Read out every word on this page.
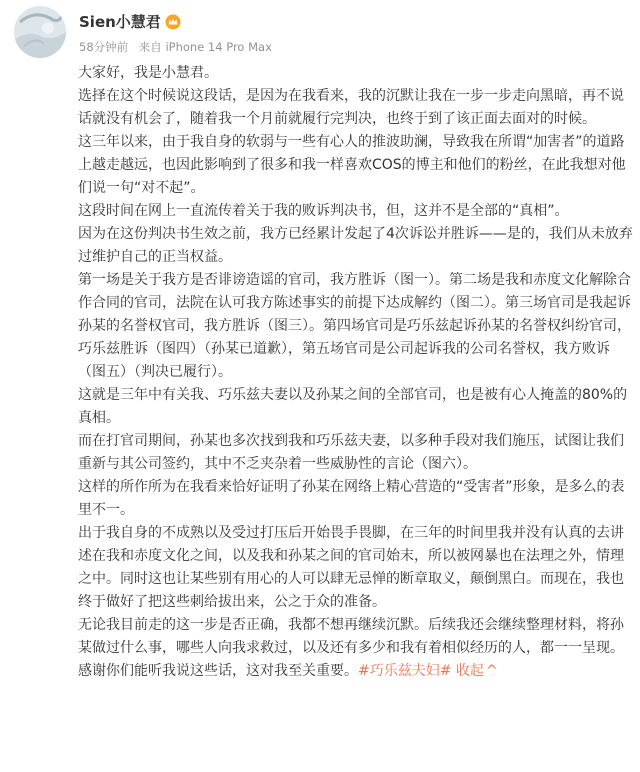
Sien小慧君
58分钟前 来自 iPhone 14 Pro Max

大家好，我是小慧君。

选择在这个时候说这段话，是因为在我看来，我的沉默让我在一步一步走向黑暗，再不说话就没有机会了，随着我一个月前就履行完判决，也终于到了该正面去面对的时候。

这三年以来，由于我自身的软弱与一些有心人的推波助澜，导致我在所谓“加害者”的道路上越走越远，也因此影响到了很多和我一样喜欢COS的博主和他们的粉丝，在此我想对他们说一句“对不起”。

这段时间在网上一直流传着关于我的败诉判决书，但，这并不是全部的“真相”。

因为在这份判决书生效之前，我方已经累计发起了4次诉讼并胜诉——是的，我们从未放弃过维护自己的正当权益。

第一场是关于我方是否诽谤造谣的官司，我方胜诉（图一）。第二场是我和赤度文化解除合作合同的官司，法院在认可我方陈述事实的前提下达成解约（图二）。第三场官司是我起诉孙某的名誉权官司，我方胜诉（图三）。第四场官司是巧乐兹起诉孙某的名誉权纠纷官司，巧乐兹胜诉（图四）（孙某已道歉），第五场官司是公司起诉我的公司名誉权，我方败诉（图五）（判决已履行）。

这就是三年中有关我、巧乐兹夫妻以及孙某之间的全部官司，也是被有心人掩盖的80%的真相。

而在打官司期间，孙某也多次找到我和巧乐兹夫妻，以多种手段对我们施压，试图让我们重新与其公司签约，其中不乏夹杂着一些威胁性的言论（图六）。

这样的所作所为在我看来恰好证明了孙某在网络上精心营造的“受害者”形象，是多么的表里不一。

出于我自身的不成熟以及受过打压后开始畏手畏脚，在三年的时间里我并没有认真的去讲述在我和赤度文化之间，以及我和孙某之间的官司始末，所以被网暴也在法理之外，情理之中。同时这也让某些别有用心的人可以肆无忌惮的断章取义，颠倒黑白。而现在，我也终于做好了把这些刺给拔出来，公之于众的准备。

无论我目前走的这一步是否正确，我都不想再继续沉默。后续我还会继续整理材料，将孙某做过什么事，哪些人向我求救过，以及还有多少和我有着相似经历的人，都一一呈现。

感谢你们能听我说这些话，这对我至关重要。#巧乐兹夫妇# 收起 ^
